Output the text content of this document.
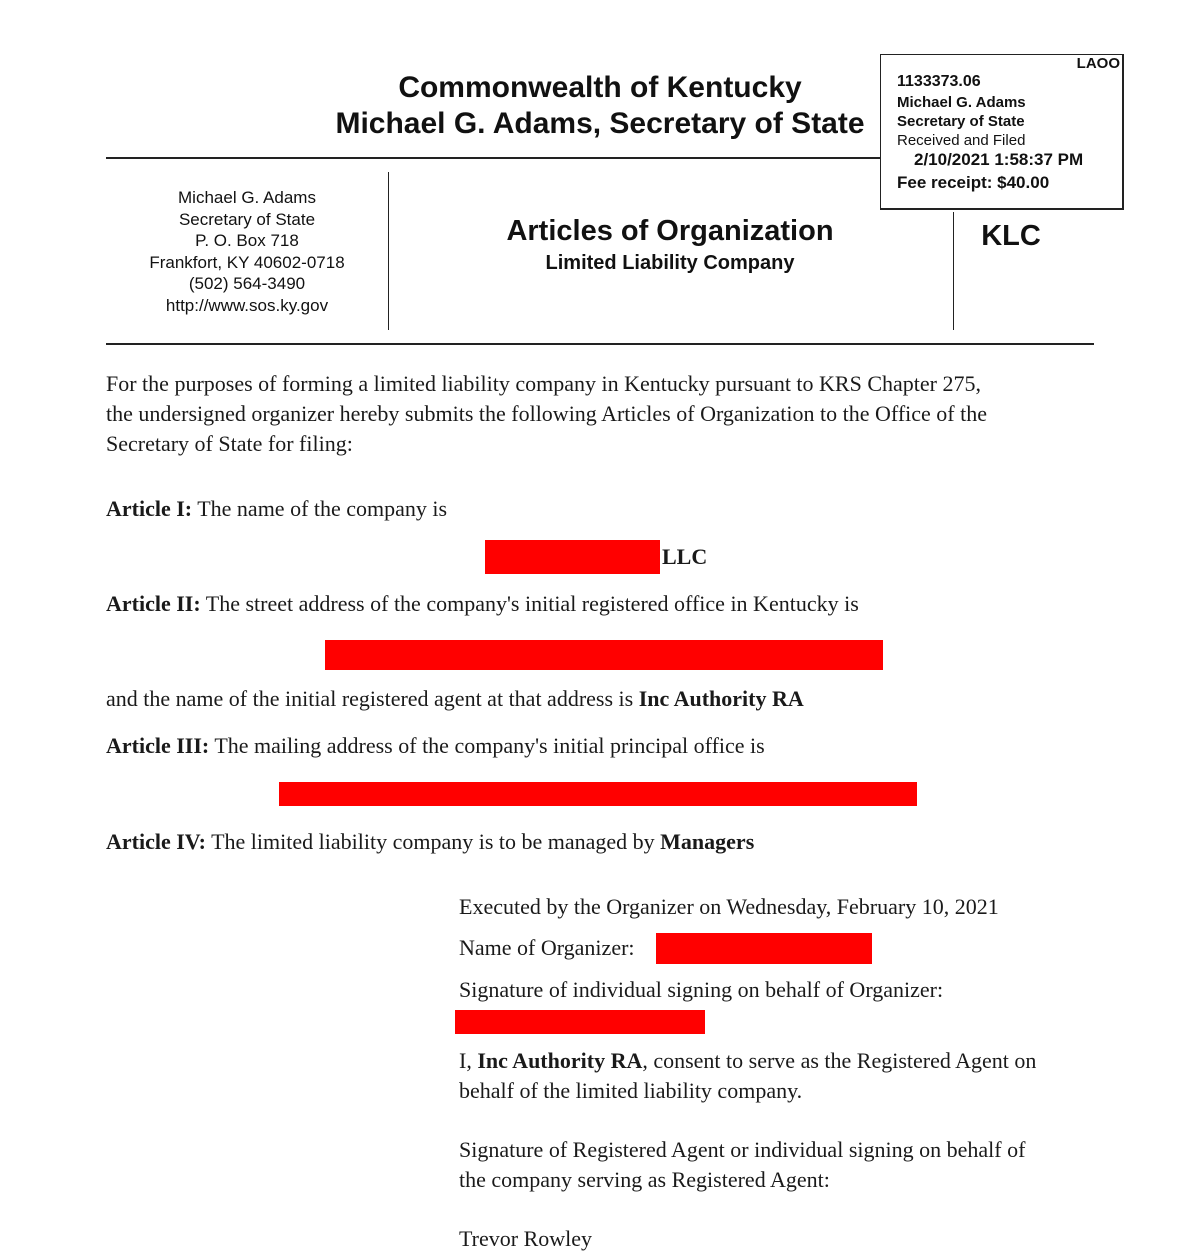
Commonwealth of Kentucky
Michael G. Adams, Secretary of State
LAOO
1133373.06
Michael G. Adams
Secretary of State
Received and Filed
2/10/2021 1:58:37 PM
Fee receipt: $40.00
Michael G. Adams
Secretary of State
P. O. Box 718
Frankfort, KY 40602-0718
(502) 564-3490
http://www.sos.ky.gov
Articles of Organization
Limited Liability Company
KLC
For the purposes of forming a limited liability company in Kentucky pursuant to KRS Chapter 275,
the undersigned organizer hereby submits the following Articles of Organization to the Office of the
Secretary of State for filing:
Article I: The name of the company is
LLC
Article II: The street address of the company's initial registered office in Kentucky is
and the name of the initial registered agent at that address is Inc Authority RA
Article III: The mailing address of the company's initial principal office is
Article IV: The limited liability company is to be managed by Managers
Executed by the Organizer on Wednesday, February 10, 2021
Name of Organizer:
Signature of individual signing on behalf of Organizer:
I, Inc Authority RA, consent to serve as the Registered Agent on
behalf of the limited liability company.
Signature of Registered Agent or individual signing on behalf of
the company serving as Registered Agent:
Trevor Rowley
